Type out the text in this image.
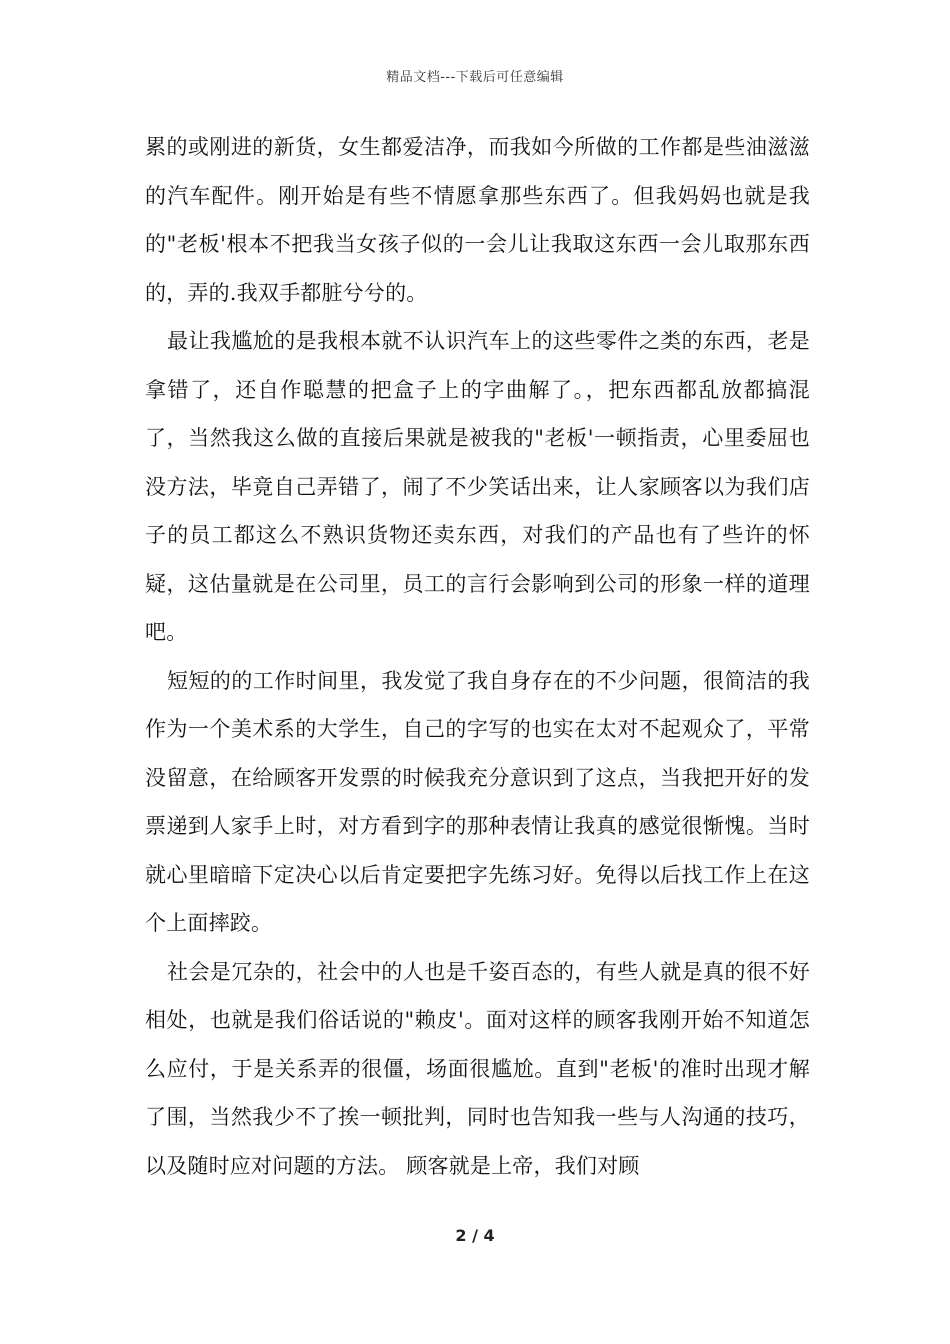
精品文档---下载后可任意编辑

累的或刚进的新货，女生都爱洁净，而我如今所做的工作都是些油滋滋的汽车配件。刚开始是有些不情愿拿那些东西了。但我妈妈也就是我的"老板'根本不把我当女孩子似的一会儿让我取这东西一会儿取那东西的，弄的.我双手都脏兮兮的。

最让我尴尬的是我根本就不认识汽车上的这些零件之类的东西，老是拿错了，还自作聪慧的把盒子上的字曲解了。，把东西都乱放都搞混了，当然我这么做的直接后果就是被我的"老板'一顿指责，心里委屈也没方法，毕竟自己弄错了，闹了不少笑话出来，让人家顾客以为我们店子的员工都这么不熟识货物还卖东西，对我们的产品也有了些许的怀疑，这估量就是在公司里，员工的言行会影响到公司的形象一样的道理吧。

短短的的工作时间里，我发觉了我自身存在的不少问题，很简洁的我作为一个美术系的大学生，自己的字写的也实在太对不起观众了，平常没留意，在给顾客开发票的时候我充分意识到了这点，当我把开好的发票递到人家手上时，对方看到字的那种表情让我真的感觉很惭愧。当时就心里暗暗下定决心以后肯定要把字先练习好。免得以后找工作上在这个上面摔跤。

社会是冗杂的，社会中的人也是千姿百态的，有些人就是真的很不好相处，也就是我们俗话说的"赖皮'。面对这样的顾客我刚开始不知道怎么应付，于是关系弄的很僵，场面很尴尬。直到"老板'的准时出现才解了围，当然我少不了挨一顿批判，同时也告知我一些与人沟通的技巧，以及随时应对问题的方法。 顾客就是上帝，我们对顾

2 / 4
